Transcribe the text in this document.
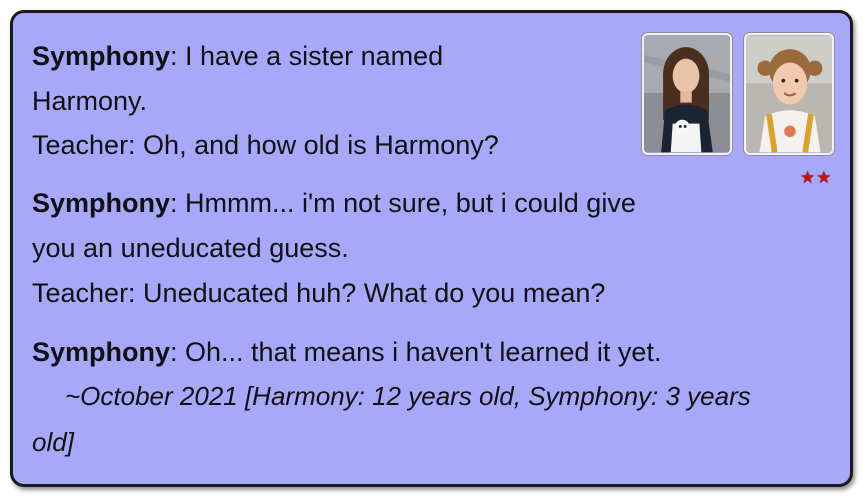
Symphony: I have a sister named
Harmony.
Teacher: Oh, and how old is Harmony?
Symphony: Hmmm... i'm not sure, but i could give
you an uneducated guess.
Teacher: Uneducated huh? What do you mean?
Symphony: Oh... that means i haven't learned it yet.
~October 2021 [Harmony: 12 years old, Symphony: 3 years
old]
★★
